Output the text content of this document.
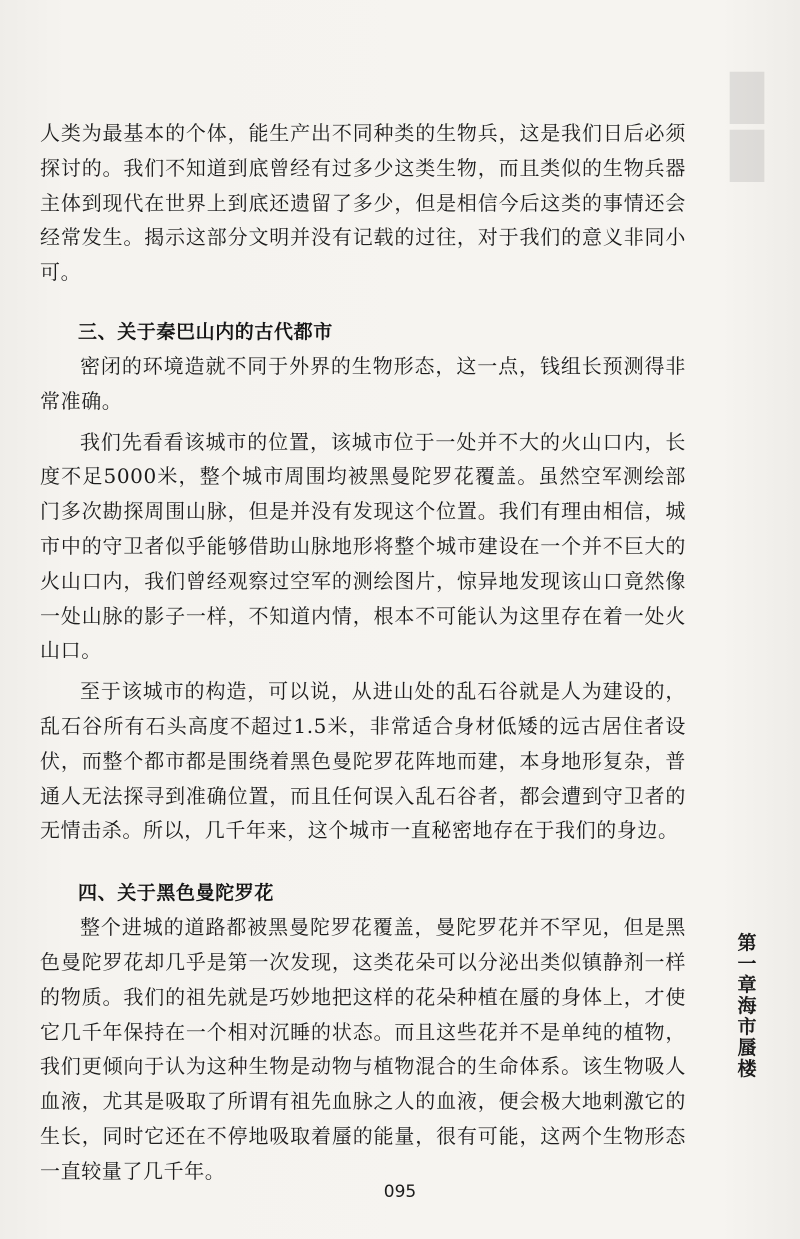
█
█

人类为最基本的个体，能生产出不同种类的生物兵，这是我们日后必须探讨的。我们不知道到底曾经有过多少这类生物，而且类似的生物兵器主体到现代在世界上到底还遗留了多少，但是相信今后这类的事情还会经常发生。揭示这部分文明并没有记载的过往，对于我们的意义非同小可。

三、关于秦巴山内的古代都市

密闭的环境造就不同于外界的生物形态，这一点，钱组长预测得非常准确。

我们先看看该城市的位置，该城市位于一处并不大的火山口内，长度不足5000米，整个城市周围均被黑曼陀罗花覆盖。虽然空军测绘部门多次勘探周围山脉，但是并没有发现这个位置。我们有理由相信，城市中的守卫者似乎能够借助山脉地形将整个城市建设在一个并不巨大的火山口内，我们曾经观察过空军的测绘图片，惊异地发现该山口竟然像一处山脉的影子一样，不知道内情，根本不可能认为这里存在着一处火山口。

至于该城市的构造，可以说，从进山处的乱石谷就是人为建设的，乱石谷所有石头高度不超过1.5米，非常适合身材低矮的远古居住者设伏，而整个都市都是围绕着黑色曼陀罗花阵地而建，本身地形复杂，普通人无法探寻到准确位置，而且任何误入乱石谷者，都会遭到守卫者的无情击杀。所以，几千年来，这个城市一直秘密地存在于我们的身边。

四、关于黑色曼陀罗花

整个进城的道路都被黑曼陀罗花覆盖，曼陀罗花并不罕见，但是黑色曼陀罗花却几乎是第一次发现，这类花朵可以分泌出类似镇静剂一样的物质。我们的祖先就是巧妙地把这样的花朵种植在蜃的身体上，才使它几千年保持在一个相对沉睡的状态。而且这些花并不是单纯的植物，我们更倾向于认为这种生物是动物与植物混合的生命体系。该生物吸人血液，尤其是吸取了所谓有祖先血脉之人的血液，便会极大地刺激它的生长，同时它还在不停地吸取着蜃的能量，很有可能，这两个生物形态一直较量了几千年。

第一章 海市蜃楼
095
